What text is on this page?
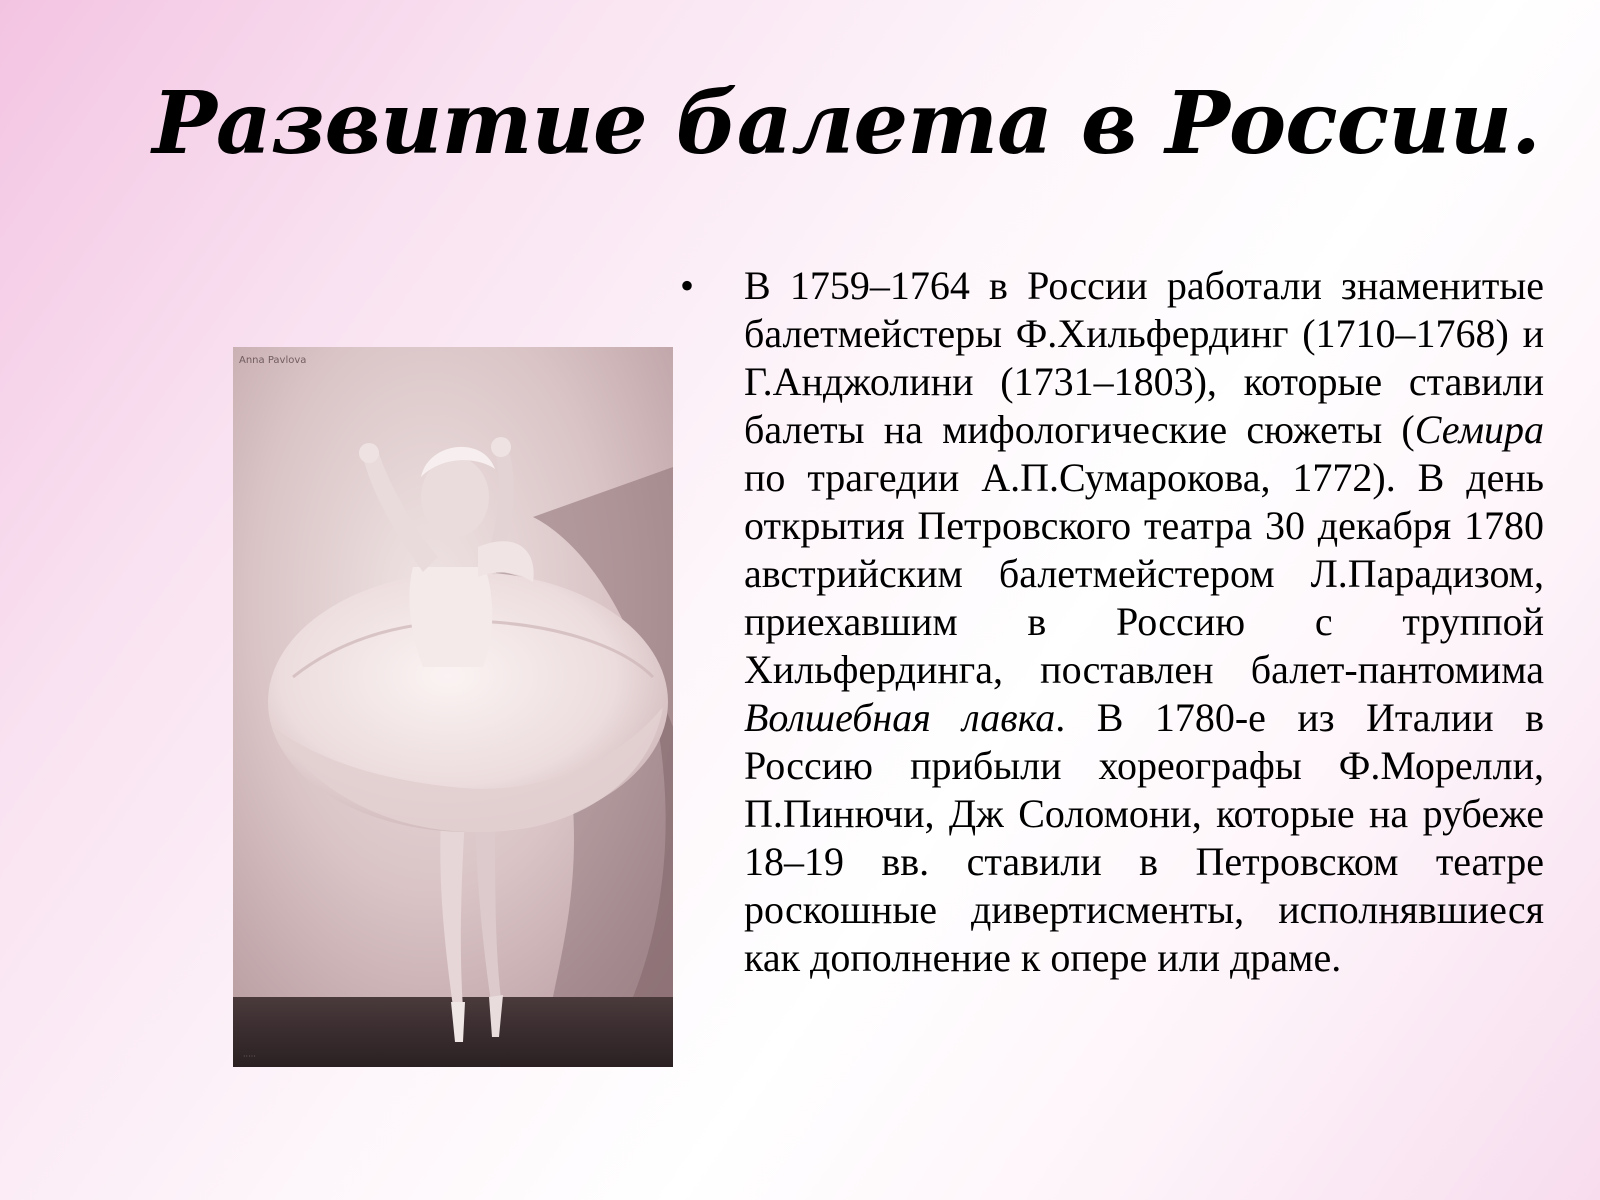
Развитие балета в России.
Anna Pavlova
·····
• В 1759–1764 в России работали знаменитые балетмейстеры Ф.Хильфердинг (1710–1768) и Г.Анджолини (1731–1803), которые ставили балеты на мифологические сюжеты (Семира по трагедии А.П.Сумарокова, 1772). В день открытия Петровского театра 30 декабря 1780 австрийским балетмейстером Л.Парадизом, приехавшим в Россию с труппой Хильфердинга, поставлен балет-пантомима Волшебная лавка. В 1780-е из Италии в Россию прибыли хореографы Ф.Морелли, П.Пинючи, Дж Соломони, которые на рубеже 18–19 вв. ставили в Петровском театре роскошные дивертисменты, исполнявшиеся как дополнение к опере или драме.
